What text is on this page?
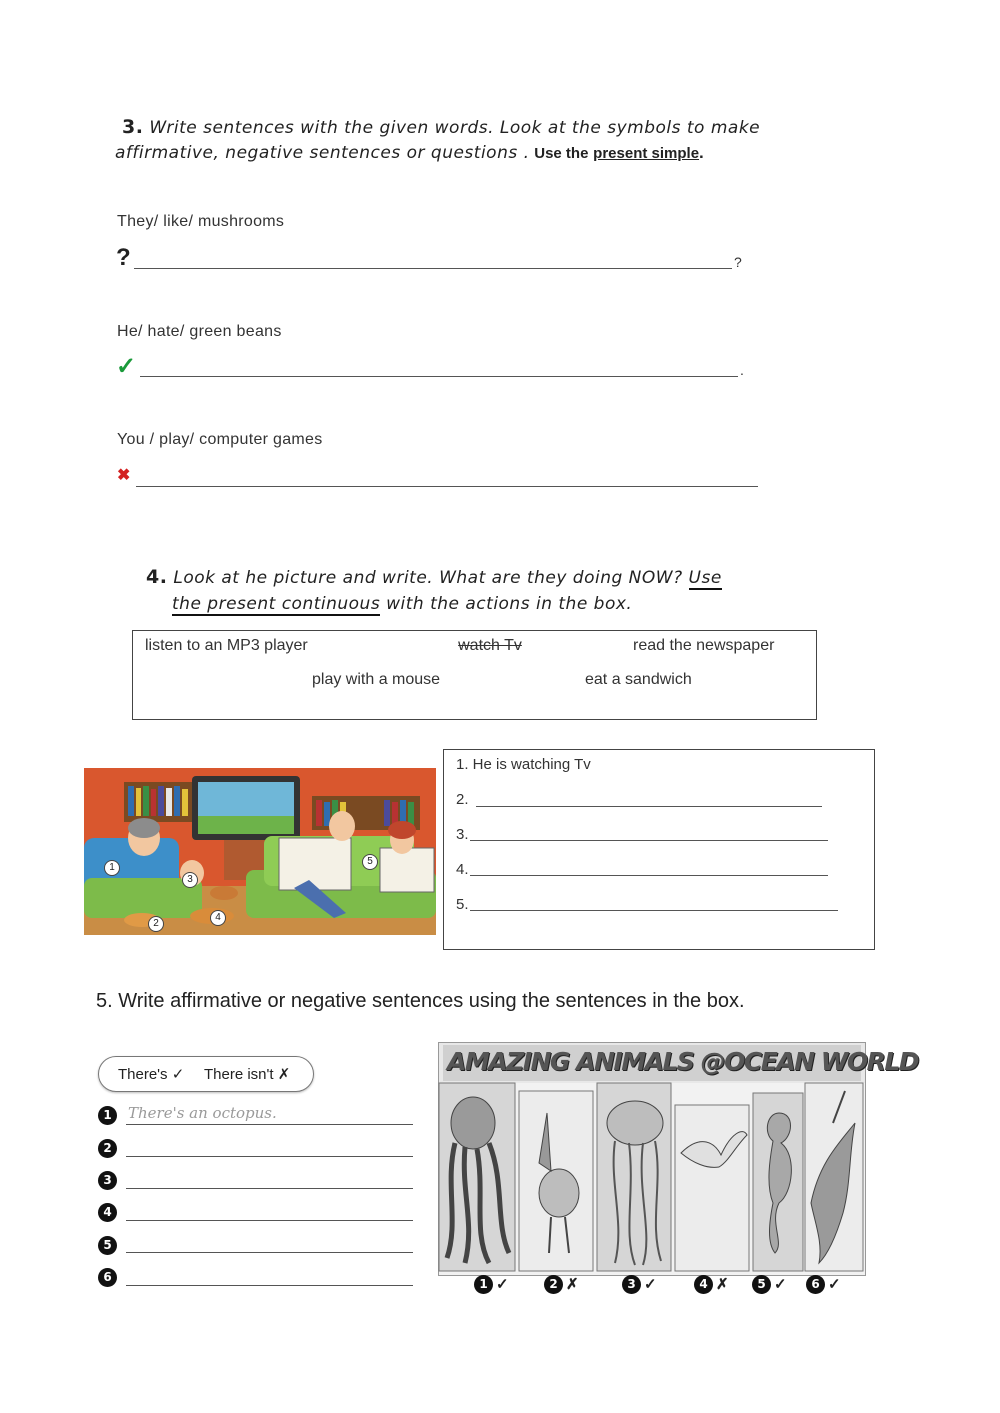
3. Write sentences with the given words. Look at the symbols to make
affirmative, negative sentences or questions . Use the present simple.
They/ like/ mushrooms
?	?
He/ hate/ green beans
✓	.
You / play/ computer games
✖
4. Look at he picture and write. What are they doing NOW? Use
the present continuous with the actions in the box.
listen to an MP3 player	watch Tv	read the newspaper
play with a mouse	eat a sandwich
1
2
3
4
5
1. He is watching Tv
2.
3.
4.
5.
5. Write affirmative or negative sentences using the sentences in the box.
There's ✓ There isn't ✗
1	There's an octopus.
2
3
4
5
6
AMAZING ANIMALS @OCEAN WORLD
1 ✓	2 ✗	3 ✓	4 ✗	5 ✓	6 ✓
